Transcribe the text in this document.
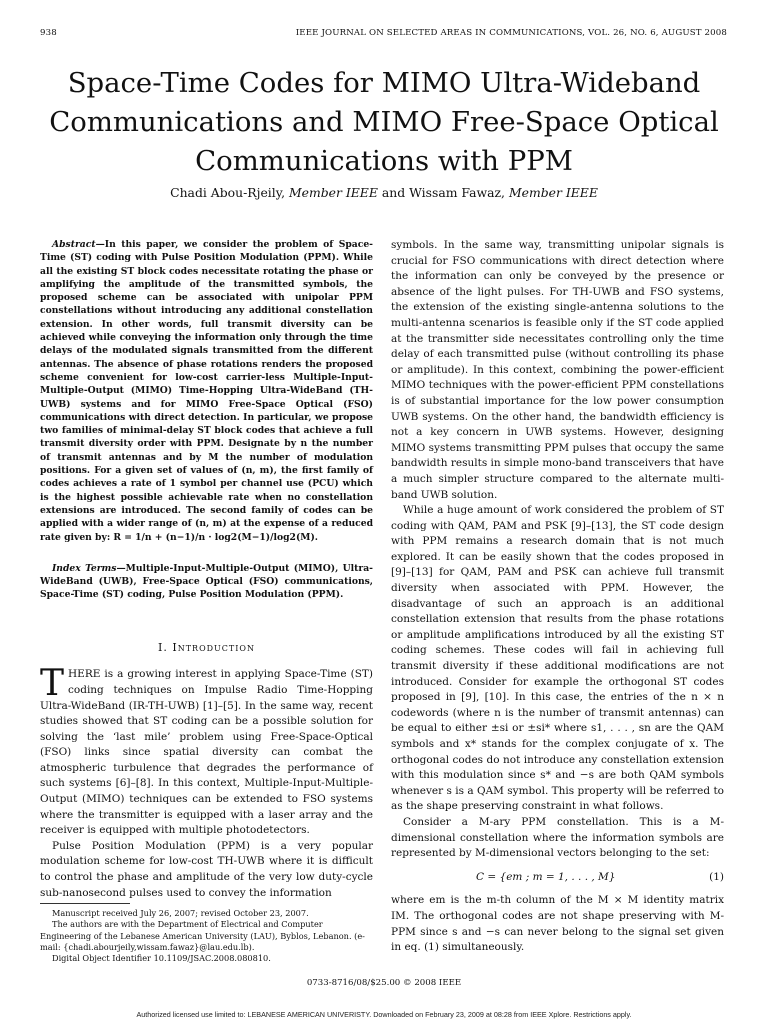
938	IEEE JOURNAL ON SELECTED AREAS IN COMMUNICATIONS, VOL. 26, NO. 6, AUGUST 2008
Space-Time Codes for MIMO Ultra-Wideband Communications and MIMO Free-Space Optical Communications with PPM
Chadi Abou-Rjeily, Member IEEE and Wissam Fawaz, Member IEEE

Abstract—In this paper, we consider the problem of Space-Time (ST) coding with Pulse Position Modulation (PPM). While all the existing ST block codes necessitate rotating the phase or amplifying the amplitude of the transmitted symbols, the proposed scheme can be associated with unipolar PPM constellations without introducing any additional constellation extension. In other words, full transmit diversity can be achieved while conveying the information only through the time delays of the modulated signals transmitted from the different antennas. The absence of phase rotations renders the proposed scheme convenient for low-cost carrier-less Multiple-Input-Multiple-Output (MIMO) Time-Hopping Ultra-WideBand (TH-UWB) systems and for MIMO Free-Space Optical (FSO) communications with direct detection. In particular, we propose two families of minimal-delay ST block codes that achieve a full transmit diversity order with PPM. Designate by n the number of transmit antennas and by M the number of modulation positions. For a given set of values of (n, m), the first family of codes achieves a rate of 1 symbol per channel use (PCU) which is the highest possible achievable rate when no constellation extensions are introduced. The second family of codes can be applied with a wider range of (n, m) at the expense of a reduced rate given by: R = 1/n + (n−1)/n · log2(M−1)/log2(M).

Index Terms—Multiple-Input-Multiple-Output (MIMO), Ultra-WideBand (UWB), Free-Space Optical (FSO) communications, Space-Time (ST) coding, Pulse Position Modulation (PPM).

I. Introduction

THERE is a growing interest in applying Space-Time (ST) coding techniques on Impulse Radio Time-Hopping Ultra-WideBand (IR-TH-UWB) [1]–[5]. In the same way, recent studies showed that ST coding can be a possible solution for solving the ‘last mile’ problem using Free-Space-Optical (FSO) links since spatial diversity can combat the atmospheric turbulence that degrades the performance of such systems [6]–[8]. In this context, Multiple-Input-Multiple-Output (MIMO) techniques can be extended to FSO systems where the transmitter is equipped with a laser array and the receiver is equipped with multiple photodetectors.

Pulse Position Modulation (PPM) is a very popular modulation scheme for low-cost TH-UWB where it is difficult to control the phase and amplitude of the very low duty-cycle sub-nanosecond pulses used to convey the information

symbols. In the same way, transmitting unipolar signals is crucial for FSO communications with direct detection where the information can only be conveyed by the presence or absence of the light pulses. For TH-UWB and FSO systems, the extension of the existing single-antenna solutions to the multi-antenna scenarios is feasible only if the ST code applied at the transmitter side necessitates controlling only the time delay of each transmitted pulse (without controlling its phase or amplitude). In this context, combining the power-efficient MIMO techniques with the power-efficient PPM constellations is of substantial importance for the low power consumption UWB systems. On the other hand, the bandwidth efficiency is not a key concern in UWB systems. However, designing MIMO systems transmitting PPM pulses that occupy the same bandwidth results in simple mono-band transceivers that have a much simpler structure compared to the alternate multi-band UWB solution.

While a huge amount of work considered the problem of ST coding with QAM, PAM and PSK [9]–[13], the ST code design with PPM remains a research domain that is not much explored. It can be easily shown that the codes proposed in [9]–[13] for QAM, PAM and PSK can achieve full transmit diversity when associated with PPM. However, the disadvantage of such an approach is an additional constellation extension that results from the phase rotations or amplitude amplifications introduced by all the existing ST coding schemes. These codes will fail in achieving full transmit diversity if these additional modifications are not introduced. Consider for example the orthogonal ST codes proposed in [9], [10]. In this case, the entries of the n × n codewords (where n is the number of transmit antennas) can be equal to either ±si or ±si* where s1, . . . , sn are the QAM symbols and x* stands for the complex conjugate of x. The orthogonal codes do not introduce any constellation extension with this modulation since s* and −s are both QAM symbols whenever s is a QAM symbol. This property will be referred to as the shape preserving constraint in what follows.

Consider a M-ary PPM constellation. This is a M-dimensional constellation where the information symbols are represented by M-dimensional vectors belonging to the set:

C = {em ; m = 1, . . . , M}	(1)

where em is the m-th column of the M × M identity matrix IM. The orthogonal codes are not shape preserving with M-PPM since s and −s can never belong to the signal set given in eq. (1) simultaneously.

Manuscript received July 26, 2007; revised October 23, 2007.

The authors are with the Department of Electrical and Computer Engineering of the Lebanese American University (LAU), Byblos, Lebanon. (e-mail: {chadi.abourjeily,wissam.fawaz}@lau.edu.lb).

Digital Object Identifier 10.1109/JSAC.2008.080810.

0733-8716/08/$25.00 © 2008 IEEE
Authorized licensed use limited to: LEBANESE AMERICAN UNIVERISTY. Downloaded on February 23, 2009 at 08:28 from IEEE Xplore. Restrictions apply.
